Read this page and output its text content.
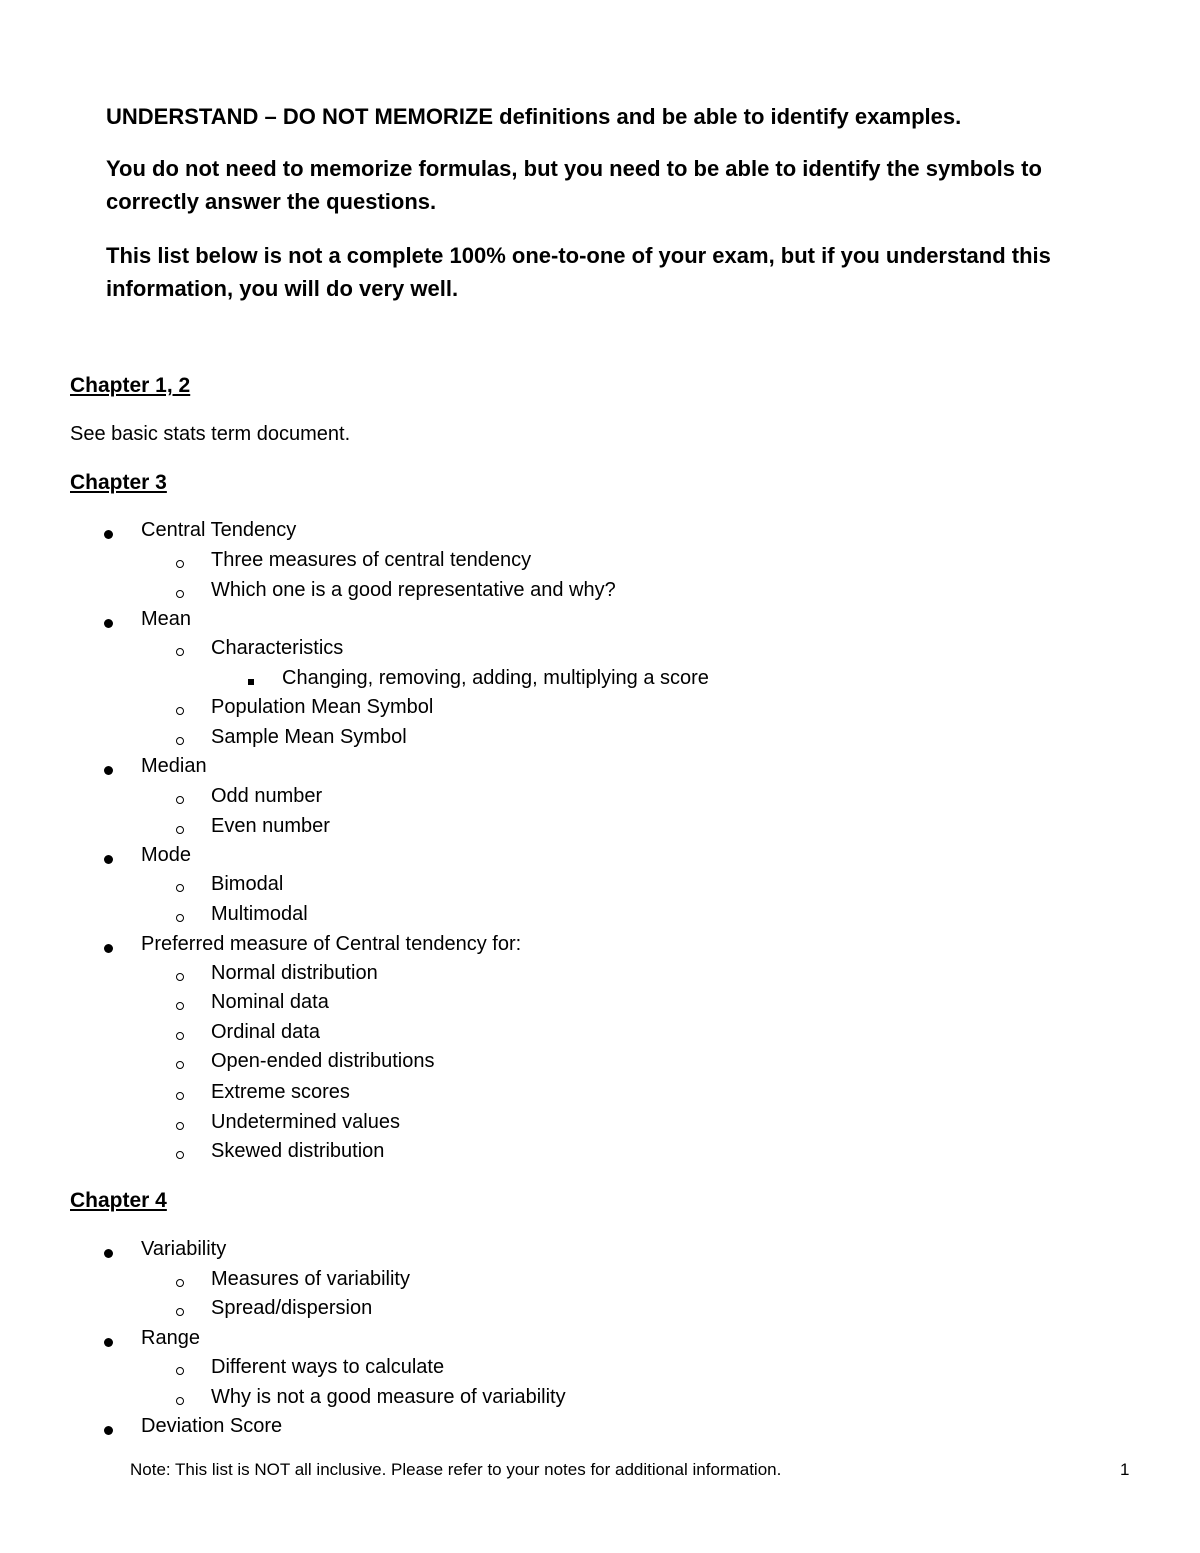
UNDERSTAND – DO NOT MEMORIZE definitions and be able to identify examples.
You do not need to memorize formulas, but you need to be able to identify the symbols to correctly answer the questions.
This list below is not a complete 100% one-to-one of your exam, but if you understand this information, you will do very well.
Chapter 1, 2
See basic stats term document.
Chapter 3
Central Tendency
Three measures of central tendency
Which one is a good representative and why?
Mean
Characteristics
Changing, removing, adding, multiplying a score
Population Mean Symbol
Sample Mean Symbol
Median
Odd number
Even number
Mode
Bimodal
Multimodal
Preferred measure of Central tendency for:
Normal distribution
Nominal data
Ordinal data
Open-ended distributions
Extreme scores
Undetermined values
Skewed distribution
Chapter 4
Variability
Measures of variability
Spread/dispersion
Range
Different ways to calculate
Why is not a good measure of variability
Deviation Score
Note: This list is NOT all inclusive. Please refer to your notes for additional information.	1
